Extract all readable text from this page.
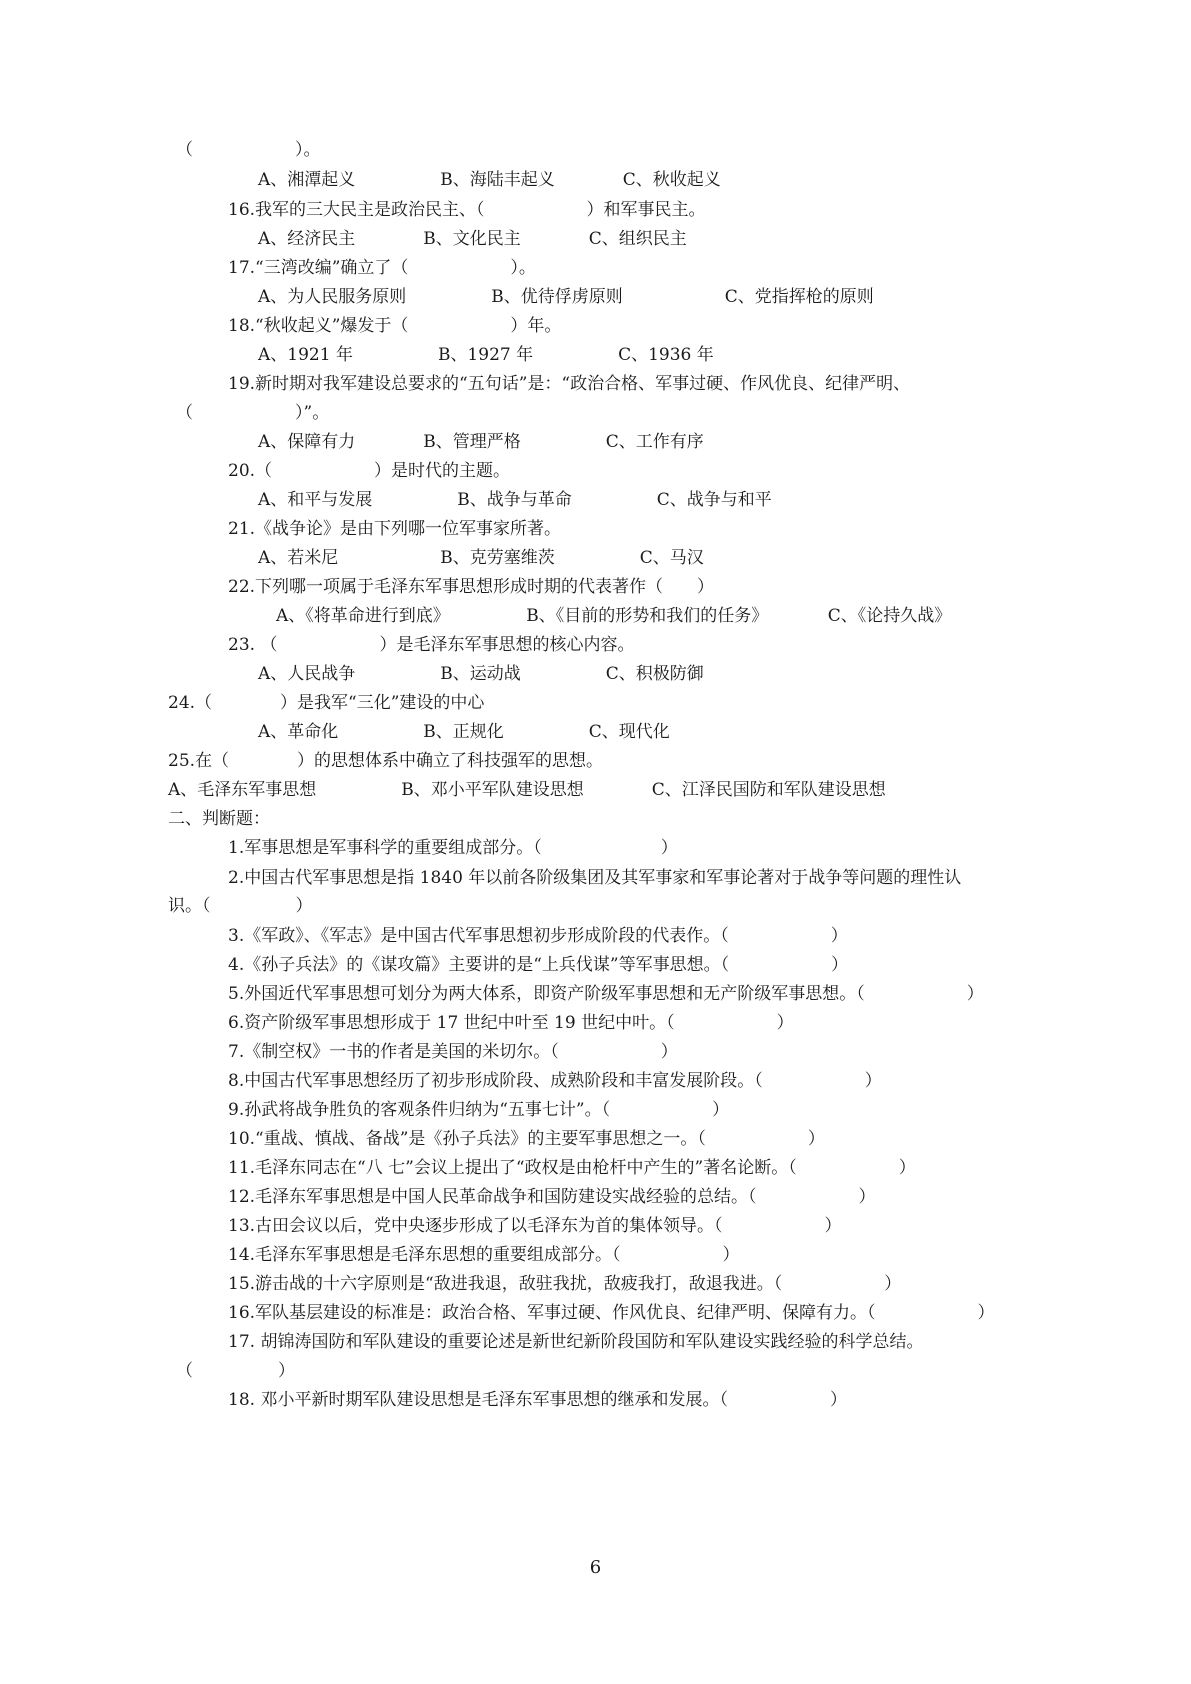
（　　　　　　）。
A、湘潭起义　　　　　B、海陆丰起义　　　　C、秋收起义
16.我军的三大民主是政治民主、（　　　　　　）和军事民主。
A、经济民主　　　　B、文化民主　　　　C、组织民主
17.“三湾改编”确立了（　　　　　　）。
A、为人民服务原则　　　　　B、优待俘虏原则　　　　　　C、党指挥枪的原则
18.“秋收起义”爆发于（　　　　　　）年。
A、1921 年　　　　　B、1927 年　　　　　C、1936 年
19.新时期对我军建设总要求的“五句话”是：“政治合格、军事过硬、作风优良、纪律严明、
（　　　　　　）”。
A、保障有力　　　　B、管理严格　　　　　C、工作有序
20.（　　　　　　）是时代的主题。
A、和平与发展　　　　　B、战争与革命　　　　　C、战争与和平
21.《战争论》是由下列哪一位军事家所著。
A、若米尼　　　　　　B、克劳塞维茨　　　　　C、马汉
22.下列哪一项属于毛泽东军事思想形成时期的代表著作（　　）
A、《将革命进行到底》　　　　　B、《目前的形势和我们的任务》　　　　C、《论持久战》
23. （　　　　　　）是毛泽东军事思想的核心内容。
A、人民战争　　　　　B、运动战　　　　　C、积极防御
24.（　　　　）是我军“三化”建设的中心
A、革命化　　　　　B、正规化　　　　　C、现代化
25.在（　　　　）的思想体系中确立了科技强军的思想。
A、毛泽东军事思想　　　　　B、邓小平军队建设思想　　　　C、江泽民国防和军队建设思想
二、判断题：
1.军事思想是军事科学的重要组成部分。（　　　　　　　）
2.中国古代军事思想是指 1840 年以前各阶级集团及其军事家和军事论著对于战争等问题的理性认
识。（　　　　　）
3.《军政》、《军志》是中国古代军事思想初步形成阶段的代表作。（　　　　　　）
4.《孙子兵法》的《谋攻篇》主要讲的是“上兵伐谋”等军事思想。（　　　　　　）
5.外国近代军事思想可划分为两大体系，即资产阶级军事思想和无产阶级军事思想。（　　　　　　）
6.资产阶级军事思想形成于 17 世纪中叶至 19 世纪中叶。（　　　　　　）
7.《制空权》一书的作者是美国的米切尔。（　　　　　　）
8.中国古代军事思想经历了初步形成阶段、成熟阶段和丰富发展阶段。（　　　　　　）
9.孙武将战争胜负的客观条件归纳为“五事七计”。（　　　　　　）
10.“重战、慎战、备战”是《孙子兵法》的主要军事思想之一。（　　　　　　）
11.毛泽东同志在“八 七”会议上提出了“政权是由枪杆中产生的”著名论断。（　　　　　　）
12.毛泽东军事思想是中国人民革命战争和国防建设实战经验的总结。（　　　　　　）
13.古田会议以后，党中央逐步形成了以毛泽东为首的集体领导。（　　　　　　）
14.毛泽东军事思想是毛泽东思想的重要组成部分。（　　　　　　）
15.游击战的十六字原则是“敌进我退，敌驻我扰，敌疲我打，敌退我进。（　　　　　　）
16.军队基层建设的标准是：政治合格、军事过硬、作风优良、纪律严明、保障有力。（　　　　　　）
17. 胡锦涛国防和军队建设的重要论述是新世纪新阶段国防和军队建设实践经验的科学总结。
（　　　　　）
18. 邓小平新时期军队建设思想是毛泽东军事思想的继承和发展。（　　　　　　）
6
